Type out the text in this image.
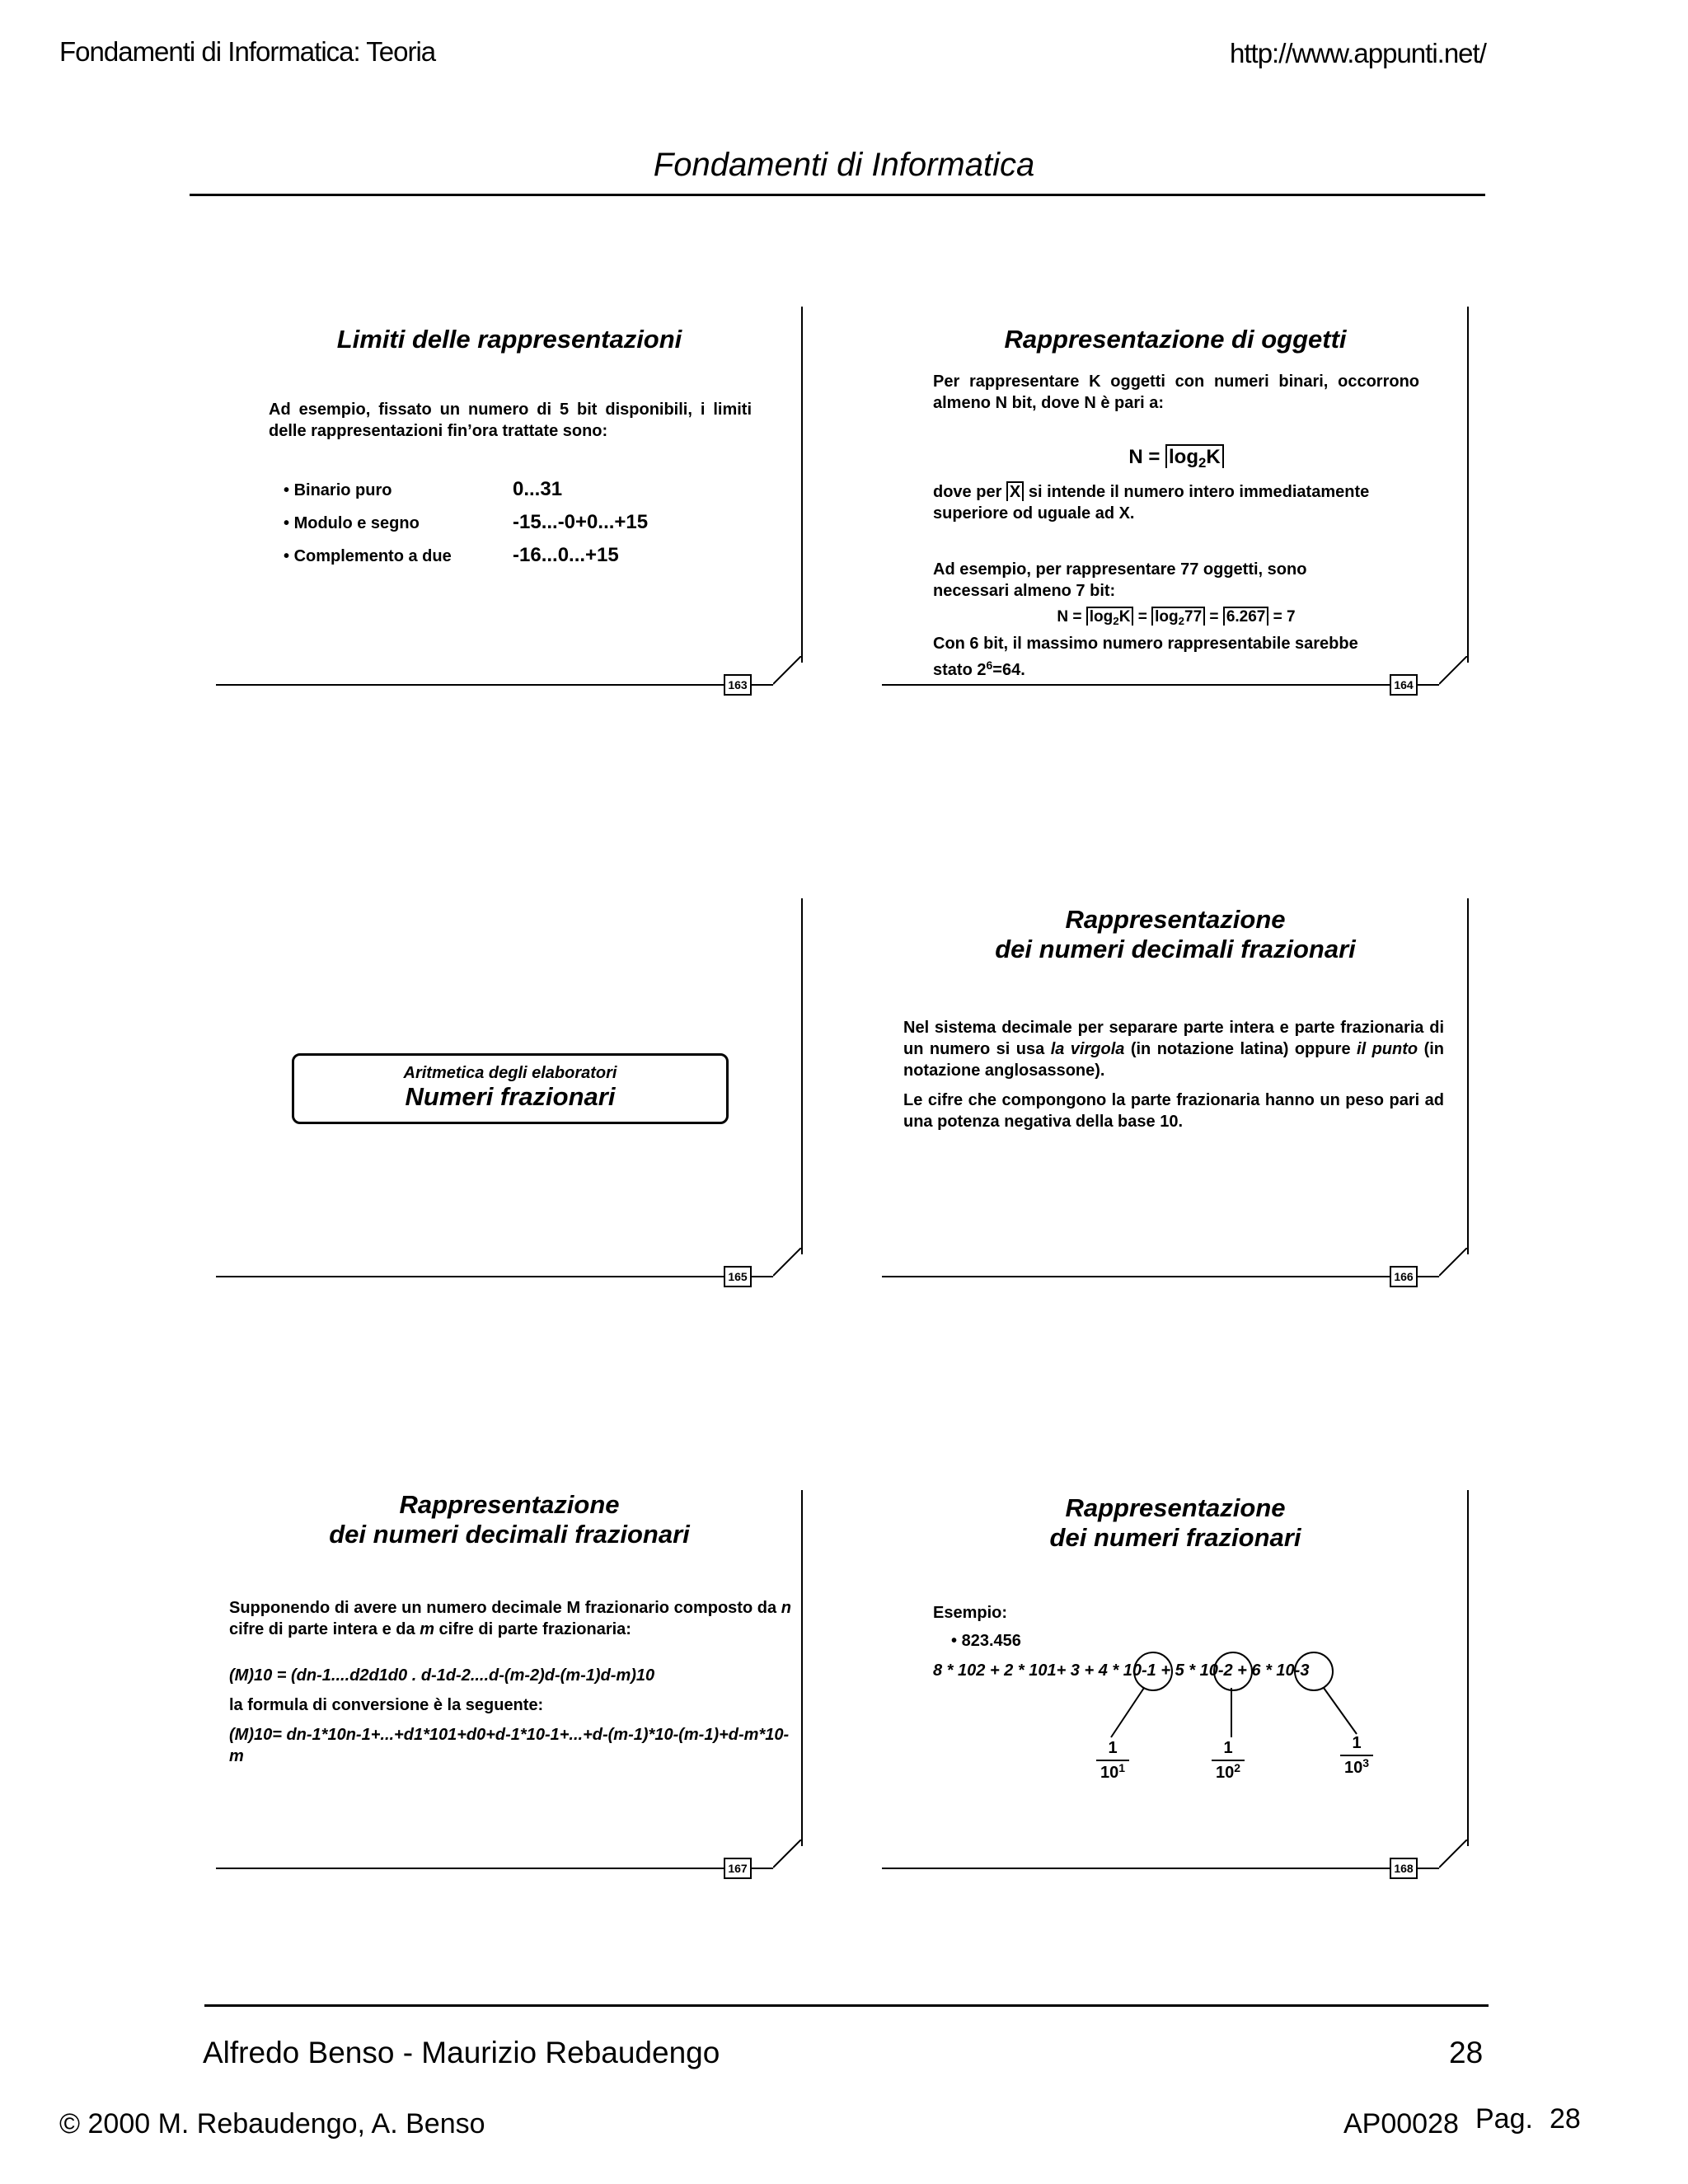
Fondamenti di Informatica: Teoria	http://www.appunti.net/
Fondamenti di Informatica
163
Limiti delle rappresentazioni
Ad esempio, fissato un numero di 5 bit disponibili, i limiti delle rappresentazioni fin’ora trattate sono:
• Binario puro	0...31
• Modulo e segno	-15...-0+0...+15
• Complemento a due	-16...0...+15
164
Rappresentazione di oggetti
Per rappresentare K oggetti con numeri binari, occorrono almeno N bit, dove N è pari a:
$N = \log_2K$
dove per X si intende il numero intero immediatamente superiore od uguale ad X.
Ad esempio, per rappresentare 77 oggetti, sono necessari almeno 7 bit:
$N = \log_2K = \log_277 = 6.267 = 7$
Con 6 bit, il massimo numero rappresentabile sarebbe stato $2^6=64$.
165
Aritmetica degli elaboratori
Numeri frazionari
166
Rappresentazione
dei numeri decimali frazionari
Nel sistema decimale per separare parte intera e parte frazionaria di un numero si usa la virgola (in notazione latina) oppure il punto (in notazione anglosassone).
Le cifre che compongono la parte frazionaria hanno un peso pari ad una potenza negativa della base 10.
167
Rappresentazione
dei numeri decimali frazionari
Supponendo di avere un numero decimale M frazionario composto da n cifre di parte intera e da m cifre di parte frazionaria:
(M)10 = (dn-1....d2d1d0 . d-1d-2....d-(m-2)d-(m-1)d-m)10
la formula di conversione è la seguente:
(M)10= dn-1*10n-1+...+d1*101+d0+d-1*10-1+...+d-(m-1)*10-(m-1)+d-m*10-m
168
Rappresentazione
dei numeri frazionari
Esempio:
• 823.456
8 * 102 + 2 * 101+ 3 + 4 * 10-1 + 5 * 10-2 + 6 * 10-3
$\frac{1}{10^1}$	$\frac{1}{10^2}$	$\frac{1}{10^3}$
Alfredo Benso - Maurizio Rebaudengo	28
© 2000 M. Rebaudengo, A. Benso	AP00028 Pag. 28
